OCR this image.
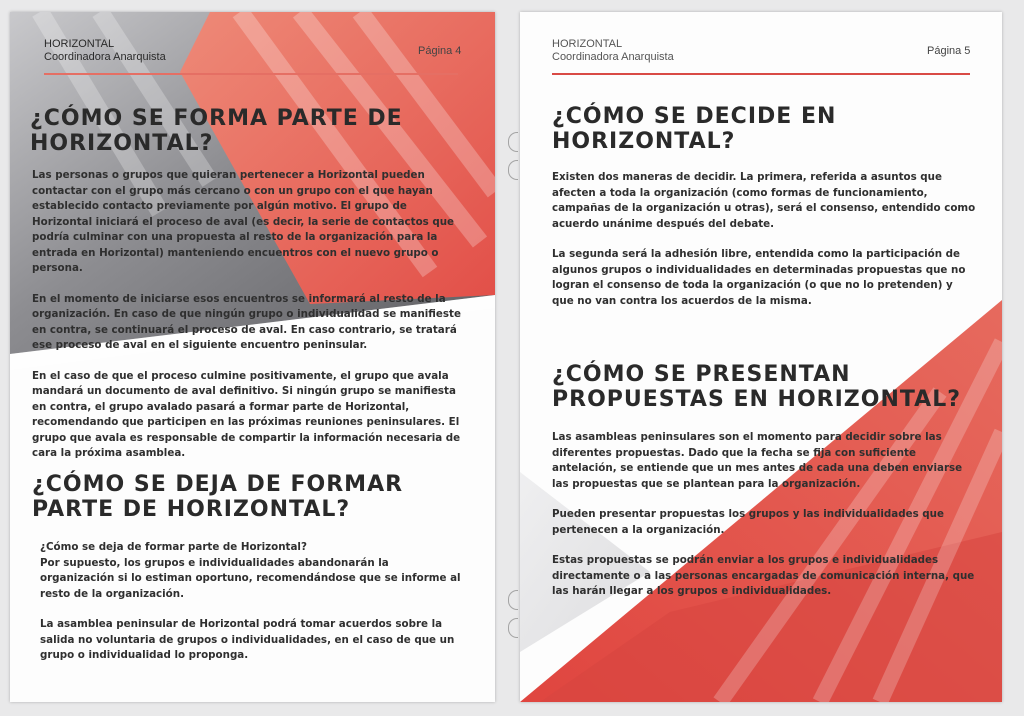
HORIZONTAL
Coordinadora Anarquista	Página 4
¿CÓMO SE FORMA PARTE DE HORIZONTAL?

Las personas o grupos que quieran pertenecer a Horizontal pueden contactar con el grupo más cercano o con un grupo con el que hayan establecido contacto previamente por algún motivo. El grupo de Horizontal iniciará el proceso de aval (es decir, la serie de contactos que podría culminar con una propuesta al resto de la organización para la entrada en Horizontal) manteniendo encuentros con el nuevo grupo o persona.

En el momento de iniciarse esos encuentros se informará al resto de la organización. En caso de que ningún grupo o individualidad se manifieste en contra, se continuará el proceso de aval. En caso contrario, se tratará ese proceso de aval en el siguiente encuentro peninsular.

En el caso de que el proceso culmine positivamente, el grupo que avala mandará un documento de aval definitivo. Si ningún grupo se manifiesta en contra, el grupo avalado pasará a formar parte de Horizontal, recomendando que participen en las próximas reuniones peninsulares. El grupo que avala es responsable de compartir la información necesaria de cara la próxima asamblea.

¿CÓMO SE DEJA DE FORMAR PARTE DE HORIZONTAL?

¿Cómo se deja de formar parte de Horizontal?

Por supuesto, los grupos e individualidades abandonarán la organización si lo estiman oportuno, recomendándose que se informe al resto de la organización.

La asamblea peninsular de Horizontal podrá tomar acuerdos sobre la salida no voluntaria de grupos o individualidades, en el caso de que un grupo o individualidad lo proponga.

HORIZONTAL
Coordinadora Anarquista	Página 5
¿CÓMO SE DECIDE EN HORIZONTAL?

Existen dos maneras de decidir. La primera, referida a asuntos que afecten a toda la organización (como formas de funcionamiento, campañas de la organización u otras), será el consenso, entendido como acuerdo unánime después del debate.

La segunda será la adhesión libre, entendida como la participación de algunos grupos o individualidades en determinadas propuestas que no logran el consenso de toda la organización (o que no lo pretenden) y que no van contra los acuerdos de la misma.

¿CÓMO SE PRESENTAN PROPUESTAS EN HORIZONTAL?

Las asambleas peninsulares son el momento para decidir sobre las diferentes propuestas. Dado que la fecha se fija con suficiente antelación, se entiende que un mes antes de cada una deben enviarse las propuestas que se plantean para la organización.

Pueden presentar propuestas los grupos y las individualidades que pertenecen a la organización.

Estas propuestas se podrán enviar a los grupos e individualidades directamente o a las personas encargadas de comunicación interna, que las harán llegar a los grupos e individualidades.
